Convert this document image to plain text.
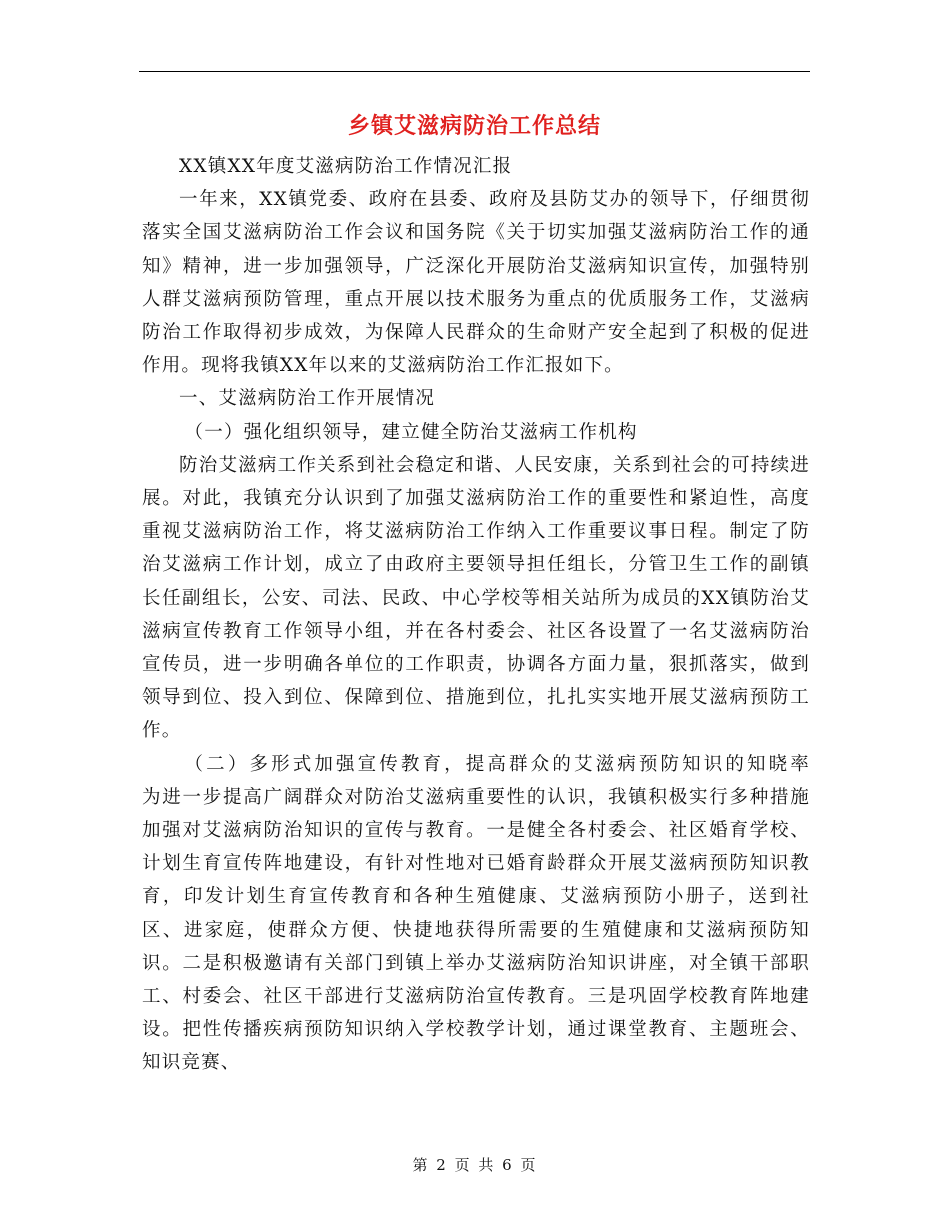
乡镇艾滋病防治工作总结

XX镇XX年度艾滋病防治工作情况汇报

一年来，XX镇党委、政府在县委、政府及县防艾办的领导下，仔细贯彻落实全国艾滋病防治工作会议和国务院《关于切实加强艾滋病防治工作的通知》精神，进一步加强领导，广泛深化开展防治艾滋病知识宣传，加强特别人群艾滋病预防管理，重点开展以技术服务为重点的优质服务工作，艾滋病防治工作取得初步成效，为保障人民群众的生命财产安全起到了积极的促进作用。现将我镇XX年以来的艾滋病防治工作汇报如下。

一、艾滋病防治工作开展情况

（一）强化组织领导，建立健全防治艾滋病工作机构

防治艾滋病工作关系到社会稳定和谐、人民安康，关系到社会的可持续进展。对此，我镇充分认识到了加强艾滋病防治工作的重要性和紧迫性，高度重视艾滋病防治工作，将艾滋病防治工作纳入工作重要议事日程。制定了防治艾滋病工作计划，成立了由政府主要领导担任组长，分管卫生工作的副镇长任副组长，公安、司法、民政、中心学校等相关站所为成员的XX镇防治艾滋病宣传教育工作领导小组，并在各村委会、社区各设置了一名艾滋病防治宣传员，进一步明确各单位的工作职责，协调各方面力量，狠抓落实，做到领导到位、投入到位、保障到位、措施到位，扎扎实实地开展艾滋病预防工作。

（二）多形式加强宣传教育，提高群众的艾滋病预防知识的知晓率　　为进一步提高广阔群众对防治艾滋病重要性的认识，我镇积极实行多种措施加强对艾滋病防治知识的宣传与教育。一是健全各村委会、社区婚育学校、计划生育宣传阵地建设，有针对性地对已婚育龄群众开展艾滋病预防知识教育，印发计划生育宣传教育和各种生殖健康、艾滋病预防小册子，送到社区、进家庭，使群众方便、快捷地获得所需要的生殖健康和艾滋病预防知识。二是积极邀请有关部门到镇上举办艾滋病防治知识讲座，对全镇干部职工、村委会、社区干部进行艾滋病防治宣传教育。三是巩固学校教育阵地建设。把性传播疾病预防知识纳入学校教学计划，通过课堂教育、主题班会、知识竞赛、

第 2 页 共 6 页
